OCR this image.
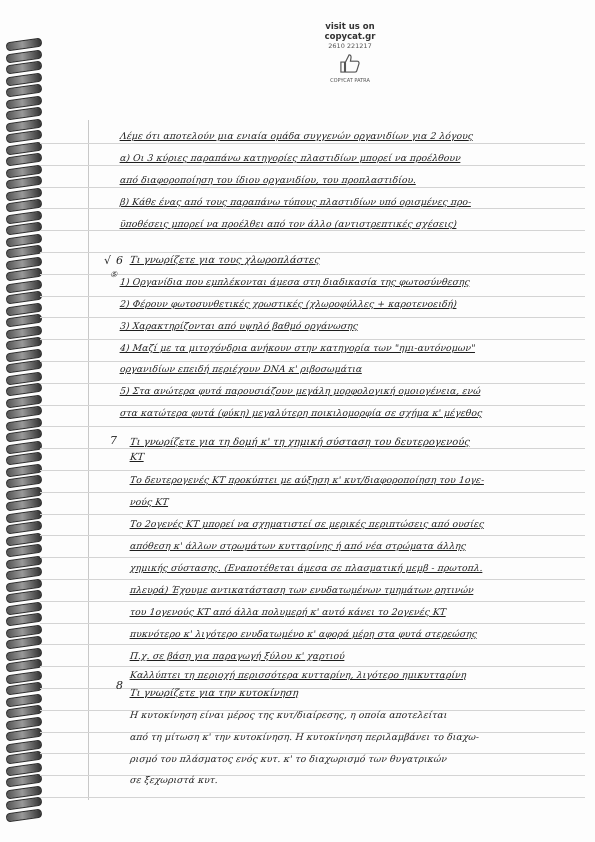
visit us on
copycat.gr
2610 221217
COPYCAT PATRA
√ 6
⑤
7
8
Λέμε ότι αποτελούν μια ενιαία ομάδα συγγενών οργανιδίων για 2 λόγους
α) Οι 3 κύριες παραπάνω κατηγορίες πλαστιδίων μπορεί να προέλθουν
από διαφοροποίηση του ίδιου οργανιδίου, του προπλαστιδίου.
β) Κάθε ένας από τους παραπάνω τύπους πλαστιδίων υπό ορισμένες προ-
ϋποθέσεις μπορεί να προέλθει από τον άλλο (αντιστρεπτικές σχέσεις)
Τι γνωρίζετε για τους χλωροπλάστες
1) Οργανίδια που εμπλέκονται άμεσα στη διαδικασία της φωτοσύνθεσης
2) Φέρουν φωτοσυνθετικές χρωστικές (χλωροφύλλες + καροτενοειδή)
3) Χαρακτηρίζονται από υψηλό βαθμό οργάνωσης
4) Μαζί με τα μιτοχόνδρια ανήκουν στην κατηγορία των "ημι-αυτόνομων"
οργανιδίων επειδή περιέχουν DNA κ' ριβοσωμάτια
5) Στα ανώτερα φυτά παρουσιάζουν μεγάλη μορφολογική ομοιογένεια, ενώ
στα κατώτερα φυτά (φύκη) μεγαλύτερη ποικιλομορφία σε σχήμα κ' μέγεθος
Τι γνωρίζετε για τη δομή κ' τη χημική σύσταση του δευτερογενούς
ΚΤ
Το δευτερογενές ΚΤ προκύπτει με αύξηση κ' κυτ/διαφοροποίηση του 1ογε-
νούς ΚΤ
Το 2ογενές ΚΤ μπορεί να σχηματιστεί σε μερικές περιπτώσεις από ουσίες
απόθεση κ' άλλων στρωμάτων κυτταρίνης ή από νέα στρώματα άλλης
χημικής σύστασης. (Εναποτέθεται άμεσα σε πλασματική μεμβ - πρωτοπλ.
πλευρά) Έχουμε αντικατάσταση των ενυδατωμένων τμημάτων ρητινών
του 1ογενούς ΚΤ από άλλα πολυμερή κ' αυτό κάνει το 2ογενές ΚΤ
πυκνότερο κ' λιγότερο ενυδατωμένο κ' αφορά μέρη στα φυτά στερεώσης
Π.χ. σε βάση για παραγωγή ξύλου κ' χαρτιού
Καλλύπτει τη περιοχή περισσότερα κυτταρίνη, λιγότερο ημικυτταρίνη
Τι γνωρίζετε για την κυτοκίνηση
Η κυτοκίνηση είναι μέρος της κυτ/διαίρεσης, η οποία αποτελείται
από τη μίτωση κ' την κυτοκίνηση. Η κυτοκίνηση περιλαμβάνει το διαχω-
ρισμό του πλάσματος ενός κυτ. κ' το διαχωρισμό των θυγατρικών
σε ξεχωριστά κυτ.
